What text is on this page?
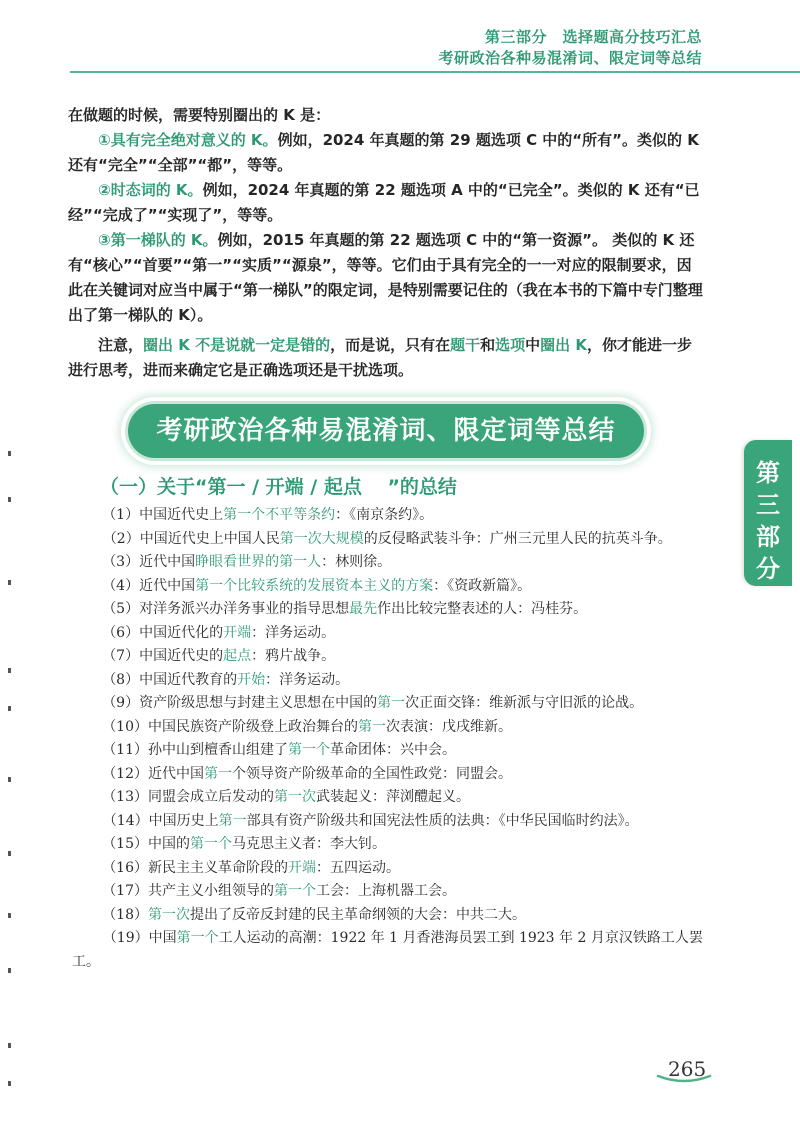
第三部分　选择题高分技巧汇总
考研政治各种易混淆词、限定词等总结

在做题的时候，需要特别圈出的 K 是：

①具有完全绝对意义的 K。例如，2024 年真题的第 29 题选项 C 中的“所有”。类似的 K 还有“完全”“全部”“都”，等等。

②时态词的 K。例如，2024 年真题的第 22 题选项 A 中的“已完全”。类似的 K 还有“已经”“完成了”“实现了”，等等。

③第一梯队的 K。例如，2015 年真题的第 22 题选项 C 中的“第一资源”。 类似的 K 还有“核心”“首要”“第一”“实质”“源泉”，等等。它们由于具有完全的一一对应的限制要求，因此在关键词对应当中属于“第一梯队”的限定词，是特别需要记住的（我在本书的下篇中专门整理出了第一梯队的 K）。

注意，圈出 K 不是说就一定是错的，而是说，只有在题干和选项中圈出 K，你才能进一步进行思考，进而来确定它是正确选项还是干扰选项。

考研政治各种易混淆词、限定词等总结
（一）关于“第一 / 开端 / 起点　 ”的总结

（1）中国近代史上第一个不平等条约：《南京条约》。

（2）中国近代史上中国人民第一次大规模的反侵略武装斗争：广州三元里人民的抗英斗争。

（3）近代中国睁眼看世界的第一人：林则徐。

（4）近代中国第一个比较系统的发展资本主义的方案：《资政新篇》。

（5）对洋务派兴办洋务事业的指导思想最先作出比较完整表述的人：冯桂芬。

（6）中国近代化的开端：洋务运动。

（7）中国近代史的起点：鸦片战争。

（8）中国近代教育的开始：洋务运动。

（9）资产阶级思想与封建主义思想在中国的第一次正面交锋：维新派与守旧派的论战。

（10）中国民族资产阶级登上政治舞台的第一次表演：戊戌维新。

（11）孙中山到檀香山组建了第一个革命团体：兴中会。

（12）近代中国第一个领导资产阶级革命的全国性政党：同盟会。

（13）同盟会成立后发动的第一次武装起义：萍浏醴起义。

（14）中国历史上第一部具有资产阶级共和国宪法性质的法典：《中华民国临时约法》。

（15）中国的第一个马克思主义者：李大钊。

（16）新民主主义革命阶段的开端：五四运动。

（17）共产主义小组领导的第一个工会：上海机器工会。

（18）第一次提出了反帝反封建的民主革命纲领的大会：中共二大。

（19）中国第一个工人运动的高潮：1922 年 1 月香港海员罢工到 1923 年 2 月京汉铁路工人罢工。

第
三
部
分
265
